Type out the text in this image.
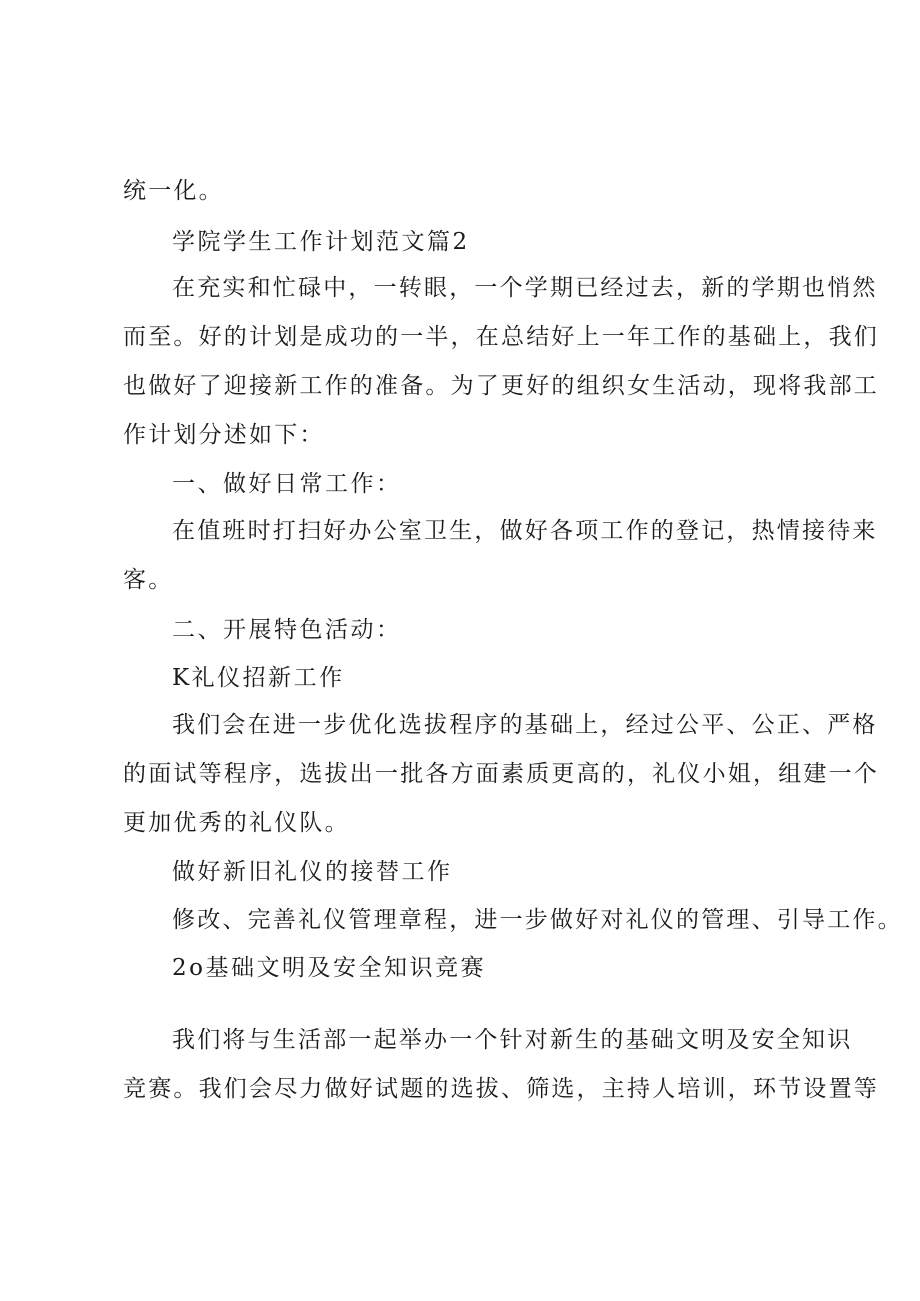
统一化。
学院学生工作计划范文篇2
在充实和忙碌中，一转眼，一个学期已经过去，新的学期也悄然
而至。好的计划是成功的一半，在总结好上一年工作的基础上，我们
也做好了迎接新工作的准备。为了更好的组织女生活动，现将我部工
作计划分述如下：
一、做好日常工作：
在值班时打扫好办公室卫生，做好各项工作的登记，热情接待来
客。
二、开展特色活动：
K礼仪招新工作
我们会在进一步优化选拔程序的基础上，经过公平、公正、严格
的面试等程序，选拔出一批各方面素质更高的，礼仪小姐，组建一个
更加优秀的礼仪队。
做好新旧礼仪的接替工作
修改、完善礼仪管理章程，进一步做好对礼仪的管理、引导工作。
2o基础文明及安全知识竞赛
我们将与生活部一起举办一个针对新生的基础文明及安全知识
竞赛。我们会尽力做好试题的选拔、筛选，主持人培训，环节设置等
